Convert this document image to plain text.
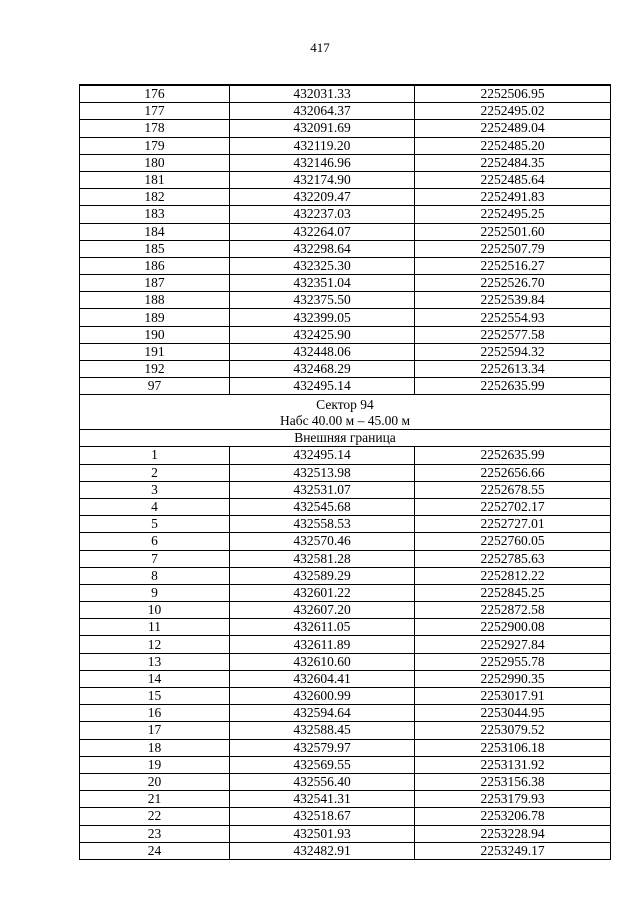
417
176	432031.33	2252506.95
177	432064.37	2252495.02
178	432091.69	2252489.04
179	432119.20	2252485.20
180	432146.96	2252484.35
181	432174.90	2252485.64
182	432209.47	2252491.83
183	432237.03	2252495.25
184	432264.07	2252501.60
185	432298.64	2252507.79
186	432325.30	2252516.27
187	432351.04	2252526.70
188	432375.50	2252539.84
189	432399.05	2252554.93
190	432425.90	2252577.58
191	432448.06	2252594.32
192	432468.29	2252613.34
97	432495.14	2252635.99

Сектор 94
Набс 40.00 м – 45.00 м		

Внешняя граница		
1	432495.14	2252635.99
2	432513.98	2252656.66
3	432531.07	2252678.55
4	432545.68	2252702.17
5	432558.53	2252727.01
6	432570.46	2252760.05
7	432581.28	2252785.63
8	432589.29	2252812.22
9	432601.22	2252845.25
10	432607.20	2252872.58
11	432611.05	2252900.08
12	432611.89	2252927.84
13	432610.60	2252955.78
14	432604.41	2252990.35
15	432600.99	2253017.91
16	432594.64	2253044.95
17	432588.45	2253079.52
18	432579.97	2253106.18
19	432569.55	2253131.92
20	432556.40	2253156.38
21	432541.31	2253179.93
22	432518.67	2253206.78
23	432501.93	2253228.94
24	432482.91	2253249.17
